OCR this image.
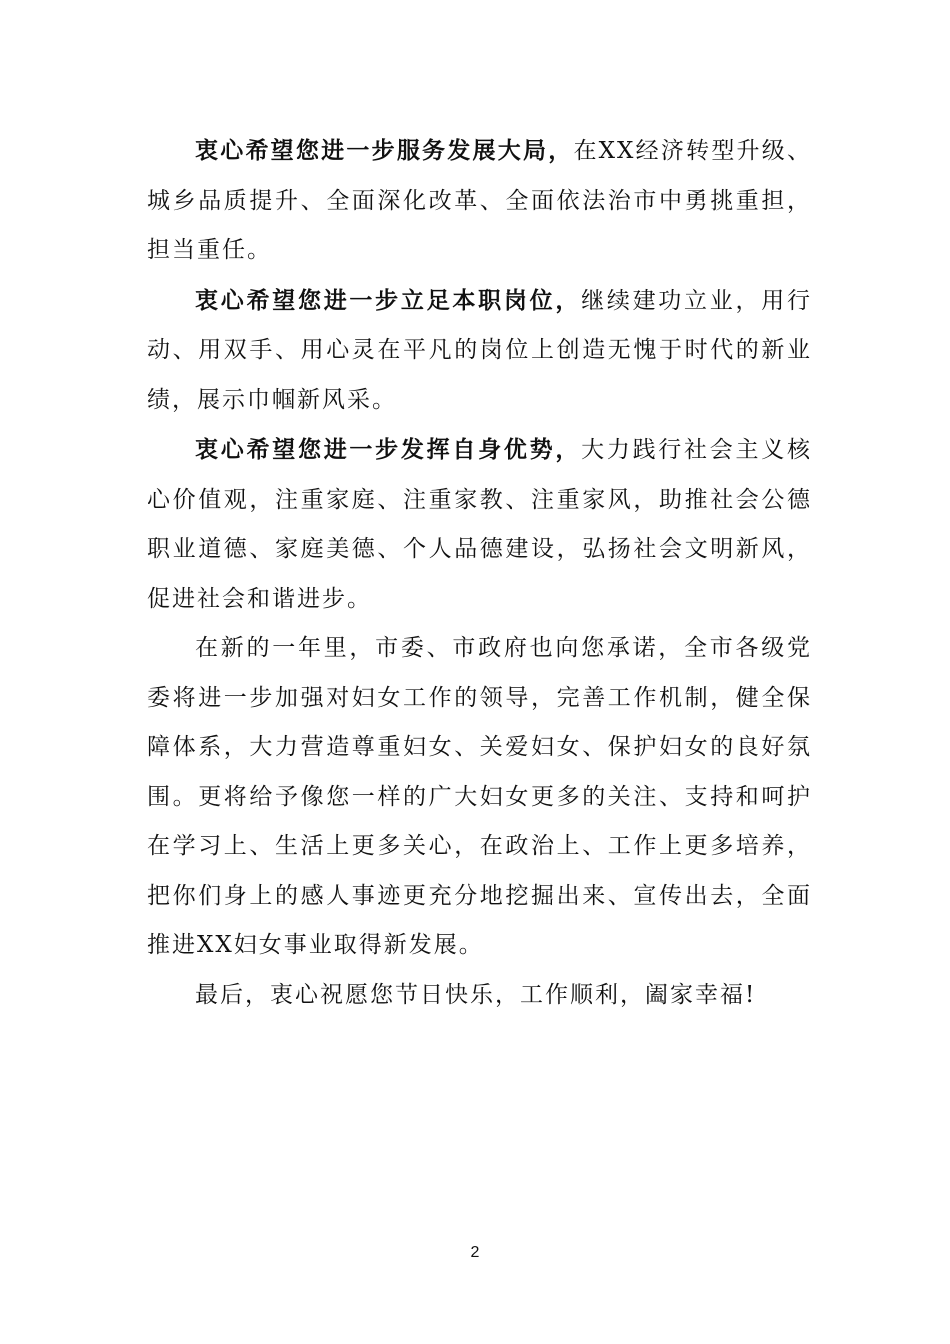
衷心希望您进一步服务发展大局，在XX经济转型升级、城乡品质提升、全面深化改革、全面依法治市中勇挑重担，担当重任。

衷心希望您进一步立足本职岗位，继续建功立业，用行动、用双手、用心灵在平凡的岗位上创造无愧于时代的新业绩，展示巾帼新风采。

衷心希望您进一步发挥自身优势，大力践行社会主义核心价值观，注重家庭、注重家教、注重家风，助推社会公德职业道德、家庭美德、个人品德建设，弘扬社会文明新风，促进社会和谐进步。

在新的一年里，市委、市政府也向您承诺，全市各级党委将进一步加强对妇女工作的领导，完善工作机制，健全保障体系，大力营造尊重妇女、关爱妇女、保护妇女的良好氛围。更将给予像您一样的广大妇女更多的关注、支持和呵护在学习上、生活上更多关心，在政治上、工作上更多培养，把你们身上的感人事迹更充分地挖掘出来、宣传出去，全面推进XX妇女事业取得新发展。

最后，衷心祝愿您节日快乐，工作顺利，阖家幸福!

2
